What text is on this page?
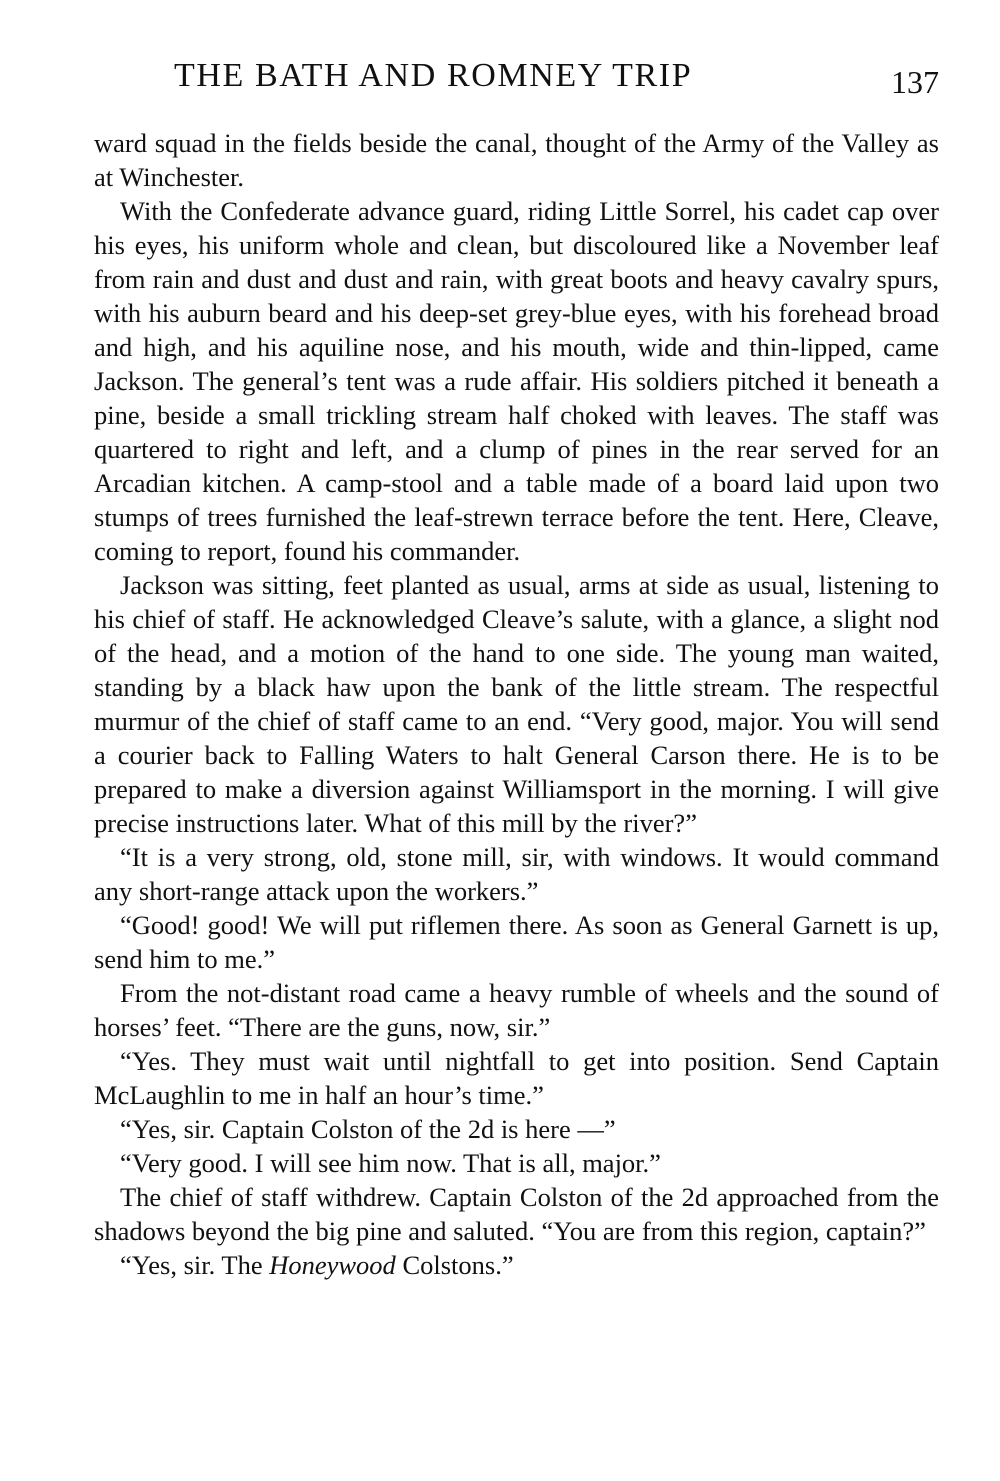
THE BATH AND ROMNEY TRIP	137

ward squad in the fields beside the canal, thought of the Army of the Valley as at Winchester.

With the Confederate advance guard, riding Little Sorrel, his cadet cap over his eyes, his uniform whole and clean, but discoloured like a November leaf from rain and dust and dust and rain, with great boots and heavy cavalry spurs, with his auburn beard and his deep-set grey-blue eyes, with his forehead broad and high, and his aquiline nose, and his mouth, wide and thin-lipped, came Jackson. The general’s tent was a rude affair. His soldiers pitched it beneath a pine, beside a small trickling stream half choked with leaves. The staff was quartered to right and left, and a clump of pines in the rear served for an Arcadian kitchen. A camp-stool and a table made of a board laid upon two stumps of trees furnished the leaf-strewn terrace before the tent. Here, Cleave, coming to report, found his commander.

Jackson was sitting, feet planted as usual, arms at side as usual, listening to his chief of staff. He acknowledged Cleave’s salute, with a glance, a slight nod of the head, and a motion of the hand to one side. The young man waited, standing by a black haw upon the bank of the little stream. The respectful murmur of the chief of staff came to an end. “Very good, major. You will send a courier back to Falling Waters to halt General Carson there. He is to be prepared to make a diversion against Williamsport in the morning. I will give precise instructions later. What of this mill by the river?”

“It is a very strong, old, stone mill, sir, with windows. It would command any short-range attack upon the workers.”

“Good! good! We will put riflemen there. As soon as General Garnett is up, send him to me.”

From the not-distant road came a heavy rumble of wheels and the sound of horses’ feet. “There are the guns, now, sir.”

“Yes. They must wait until nightfall to get into position. Send Captain McLaughlin to me in half an hour’s time.”

“Yes, sir. Captain Colston of the 2d is here —”

“Very good. I will see him now. That is all, major.”

The chief of staff withdrew. Captain Colston of the 2d approached from the shadows beyond the big pine and saluted. “You are from this region, captain?”

“Yes, sir. The Honeywood Colstons.”
